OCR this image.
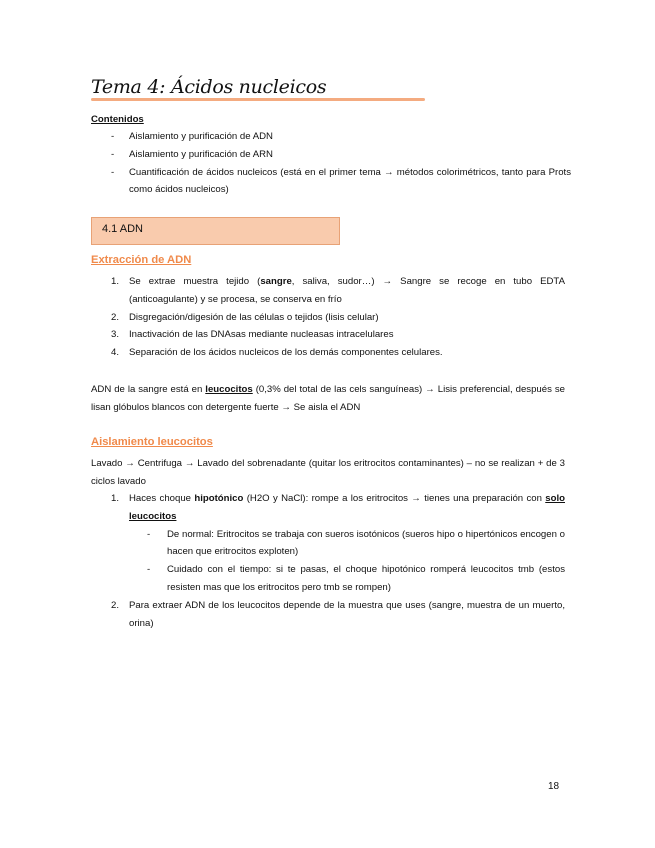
Tema 4: Ácidos nucleicos
Contenidos
- Aislamiento y purificación de ADN
- Aislamiento y purificación de ARN
- Cuantificación de ácidos nucleicos (está en el primer tema → métodos colorimétricos, tanto para Prots como ácidos nucleicos)
4.1 ADN
Extracción de ADN
1. Se extrae muestra tejido (sangre, saliva, sudor…) → Sangre se recoge en tubo EDTA (anticoagulante) y se procesa, se conserva en frío
2. Disgregación/digesión de las células o tejidos (lisis celular)
3. Inactivación de las DNAsas mediante nucleasas intracelulares
4. Separación de los ácidos nucleicos de los demás componentes celulares.
ADN de la sangre está en leucocitos (0,3% del total de las cels sanguíneas) → Lisis preferencial, después se lisan glóbulos blancos con detergente fuerte → Se aisla el ADN
Aislamiento leucocitos
Lavado → Centrifuga → Lavado del sobrenadante (quitar los eritrocitos contaminantes) – no se realizan + de 3 ciclos lavado
1. Haces choque hipotónico (H2O y NaCl): rompe a los eritrocitos → tienes una preparación con solo leucocitos
- De normal: Eritrocitos se trabaja con sueros isotónicos (sueros hipo o hipertónicos encogen o hacen que eritrocitos exploten)
- Cuidado con el tiempo: si te pasas, el choque hipotónico romperá leucocitos tmb (estos resisten mas que los eritrocitos pero tmb se rompen)
2. Para extraer ADN de los leucocitos depende de la muestra que uses (sangre, muestra de un muerto, orina)
18
